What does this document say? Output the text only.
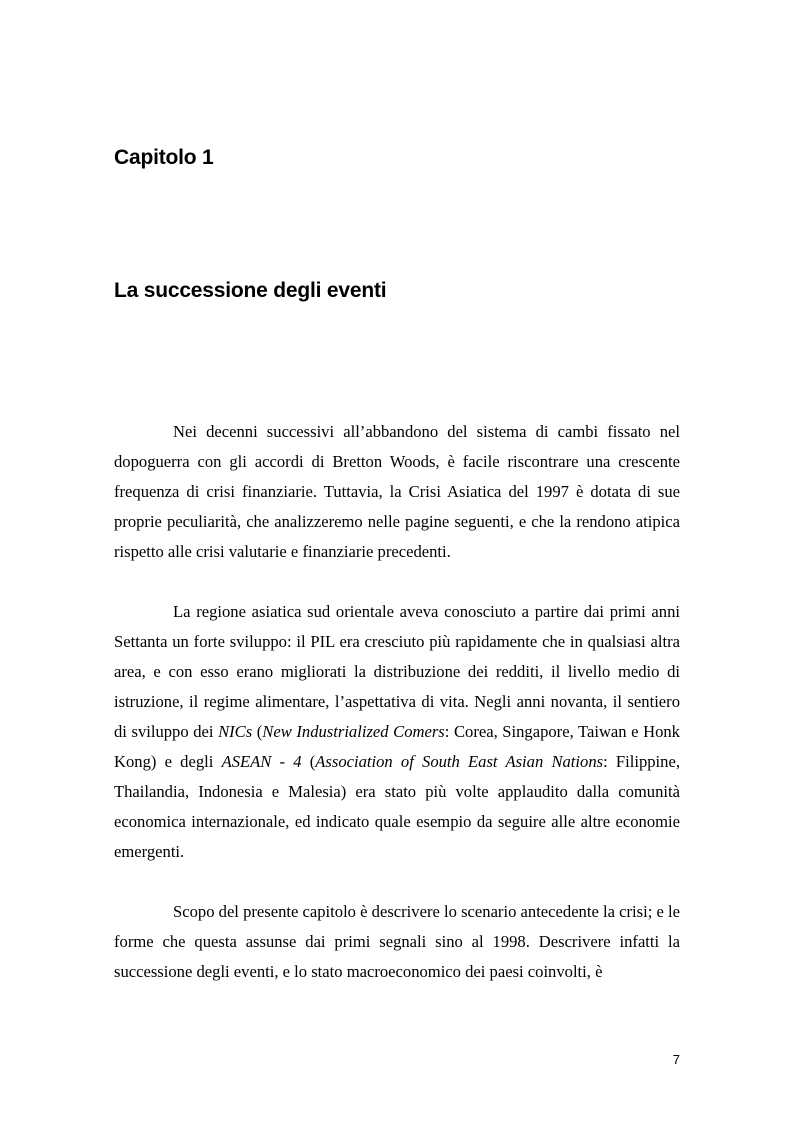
Capitolo 1
La successione degli eventi

Nei decenni successivi all’abbandono del sistema di cambi fissato nel dopoguerra con gli accordi di Bretton Woods, è facile riscontrare una crescente frequenza di crisi finanziarie. Tuttavia, la Crisi Asiatica del 1997 è dotata di sue proprie peculiarità, che analizzeremo nelle pagine seguenti, e che la rendono atipica rispetto alle crisi valutarie e finanziarie precedenti.

La regione asiatica sud orientale aveva conosciuto a partire dai primi anni Settanta un forte sviluppo: il PIL era cresciuto più rapidamente che in qualsiasi altra area, e con esso erano migliorati la distribuzione dei redditi, il livello medio di istruzione, il regime alimentare, l’aspettativa di vita. Negli anni novanta, il sentiero di sviluppo dei NICs (New Industrialized Comers: Corea, Singapore, Taiwan e Honk Kong) e degli ASEAN - 4 (Association of South East Asian Nations: Filippine, Thailandia, Indonesia e Malesia) era stato più volte applaudito dalla comunità economica internazionale, ed indicato quale esempio da seguire alle altre economie emergenti.

Scopo del presente capitolo è descrivere lo scenario antecedente la crisi; e le forme che questa assunse dai primi segnali sino al 1998. Descrivere infatti la successione degli eventi, e lo stato macroeconomico dei paesi coinvolti, è

7
